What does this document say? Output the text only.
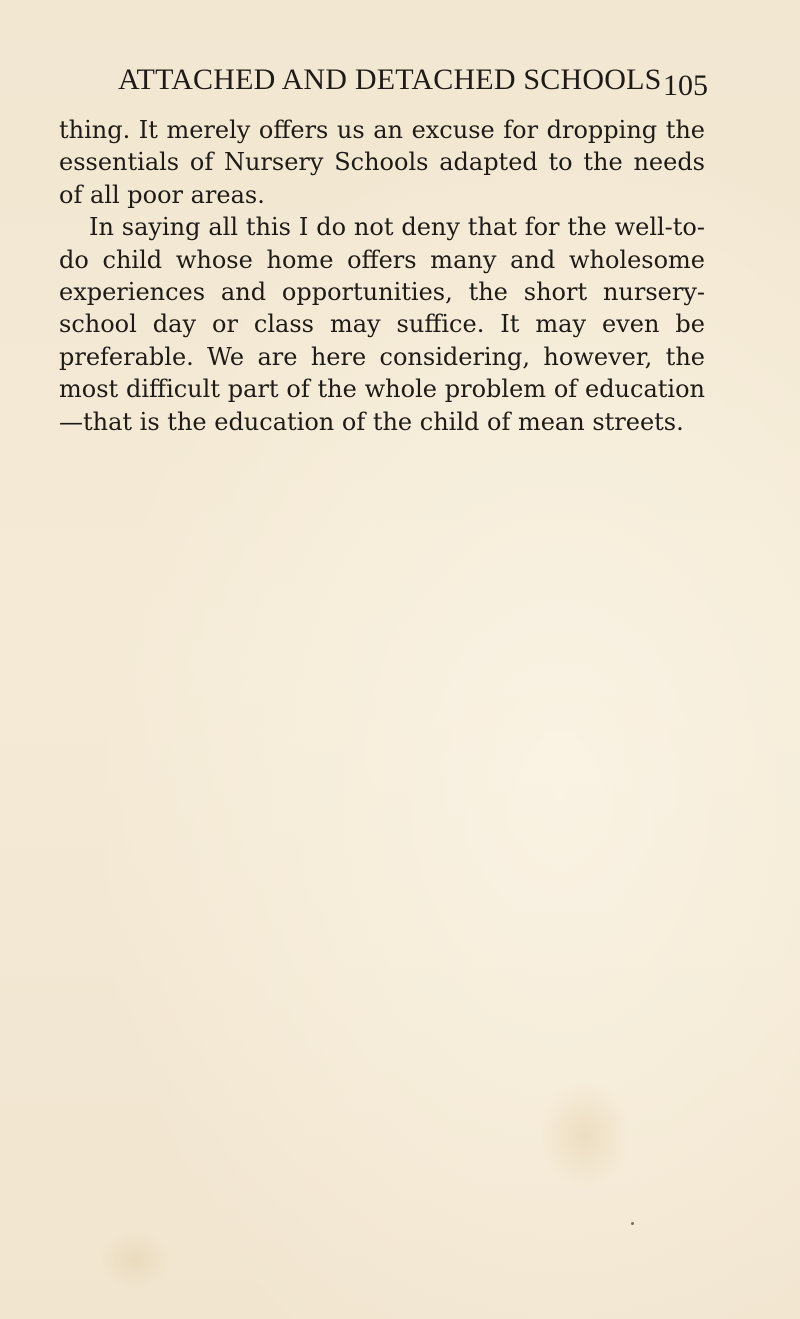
ATTACHED AND DETACHED SCHOOLS 105

thing. It merely offers us an excuse for dropping the essentials of Nursery Schools adapted to the needs of all poor areas.

In saying all this I do not deny that for the well-to-do child whose home offers many and wholesome experiences and opportunities, the short nursery-school day or class may suffice. It may even be preferable. We are here considering, however, the most difficult part of the whole problem of education—that is the education of the child of mean streets.
